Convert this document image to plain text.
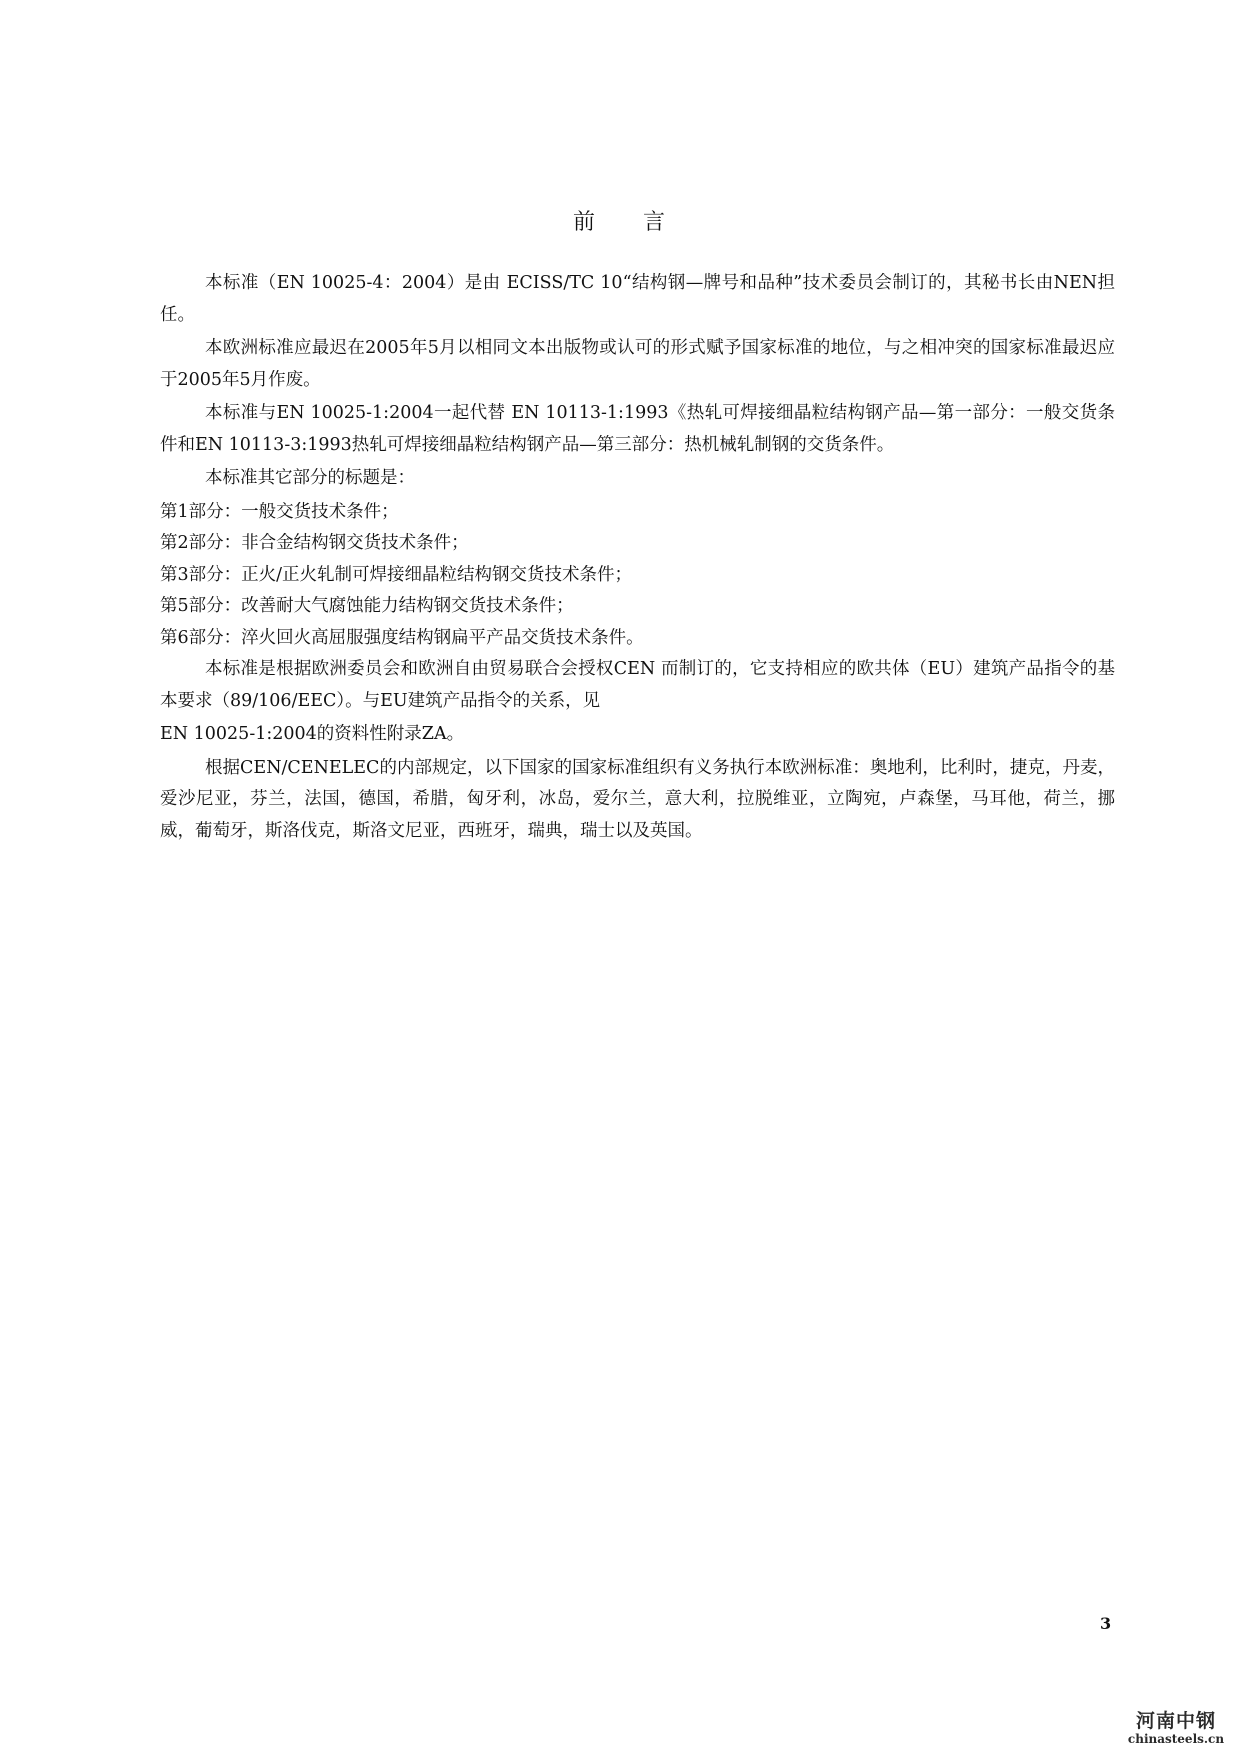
前 言

本标准（EN 10025-4：2004）是由 ECISS/TC 10“结构钢—牌号和品种”技术委员会制订的，其秘书长由NEN担任。

本欧洲标准应最迟在2005年5月以相同文本出版物或认可的形式赋予国家标准的地位，与之相冲突的国家标准最迟应于2005年5月作废。

本标准与EN 10025-1:2004一起代替 EN 10113-1:1993《热轧可焊接细晶粒结构钢产品—第一部分：一般交货条件和EN 10113-3:1993热轧可焊接细晶粒结构钢产品—第三部分：热机械轧制钢的交货条件。

本标准其它部分的标题是：

第1部分：一般交货技术条件；
第2部分：非合金结构钢交货技术条件；
第3部分：正火/正火轧制可焊接细晶粒结构钢交货技术条件；
第5部分：改善耐大气腐蚀能力结构钢交货技术条件；
第6部分：淬火回火高屈服强度结构钢扁平产品交货技术条件。

本标准是根据欧洲委员会和欧洲自由贸易联合会授权CEN 而制订的，它支持相应的欧共体（EU）建筑产品指令的基本要求（89/106/EEC）。与EU建筑产品指令的关系，见

EN 10025-1:2004的资料性附录ZA。

根据CEN/CENELEC的内部规定，以下国家的国家标准组织有义务执行本欧洲标准：奥地利，比利时，捷克，丹麦，爱沙尼亚，芬兰，法国，德国，希腊，匈牙利，冰岛，爱尔兰，意大利，拉脱维亚，立陶宛，卢森堡，马耳他，荷兰，挪威，葡萄牙，斯洛伐克，斯洛文尼亚，西班牙，瑞典，瑞士以及英国。

3
河南中钢
chinasteels.cn
